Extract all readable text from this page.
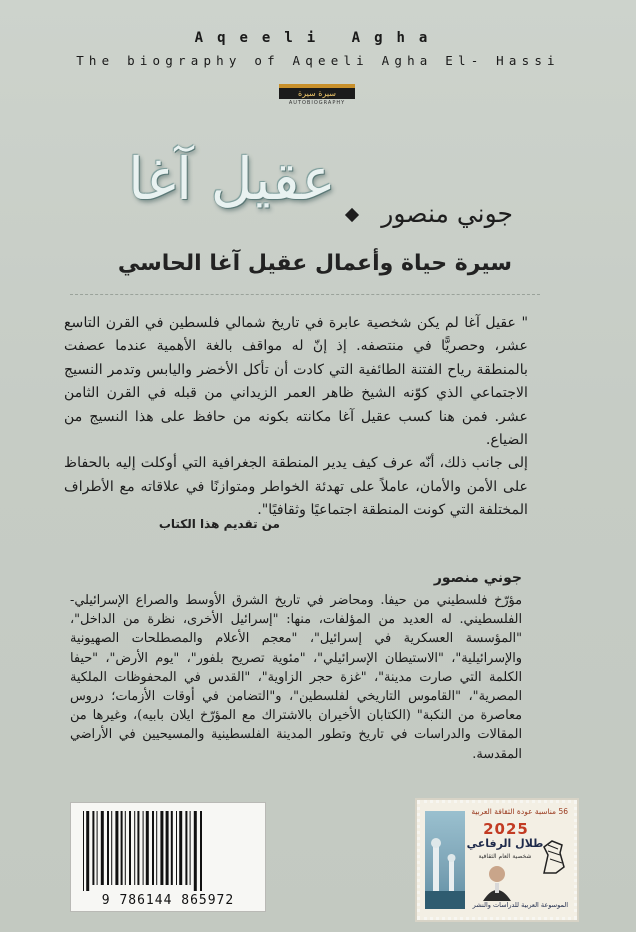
Aqeeli Agha
The biography of Aqeeli Agha El- Hassi
سيرة سيرة
AUTOBIOGRAPHY
عقيل آغا
جوني منصور
سيرة حياة وأعمال عقيل آغا الحاسي
" عقيل آغا لم يكن شخصية عابرة في تاريخ شمالي فلسطين في القرن التاسع عشر، وحصريًّا في منتصفه. إذ إنّ له مواقف بالغة الأهمية عندما عصفت بالمنطقة رياح الفتنة الطائفية التي كادت أن تأكل الأخضر واليابس وتدمر النسيج الاجتماعي الذي كوّنه الشيخ ظاهر العمر الزيداني من قبله في القرن الثامن عشر. فمن هنا كسب عقيل آغا مكانته بكونه من حافظ على هذا النسيج من الضياع.
إلى جانب ذلك، أنّه عرف كيف يدير المنطقة الجغرافية التي أوكلت إليه بالحفاظ على الأمن والأمان، عاملاً على تهدئة الخواطر ومتوازنًا في علاقاته مع الأطراف المختلفة التي كونت المنطقة اجتماعيًا وثقافيًا".
من تقديم هذا الكتاب
جوني منصور
مؤرّخ فلسطيني من حيفا. ومحاضر في تاريخ الشرق الأوسط والصراع الإسرائيلي-الفلسطيني. له العديد من المؤلفات، منها: "إسرائيل الأخرى، نظرة من الداخل"، "المؤسسة العسكرية في إسرائيل"، "معجم الأعلام والمصطلحات الصهيونية والإسرائيلية"، "الاستيطان الإسرائيلي"، "مئوية تصريح بلفور"، "يوم الأرض"، "حيفا الكلمة التي صارت مدينة"، "غزة حجر الزاوية"، "القدس في المحفوظات الملكية المصرية"، "القاموس التاريخي لفلسطين"، و"التضامن في أوقات الأزمات؛ دروس معاصرة من النكبة" (الكتابان الأخيران بالاشتراك مع المؤرّخ ايلان بابيه)، وغيرها من المقالات والدراسات في تاريخ وتطور المدينة الفلسطينية والمسيحيين في الأراضي المقدسة.
9 786144 865972
56 مناسبة عودة الثقافة العربية
2025
طلال الرفاعي
شخصية العام الثقافية
الموسوعة العربية للدراسات والنشر
